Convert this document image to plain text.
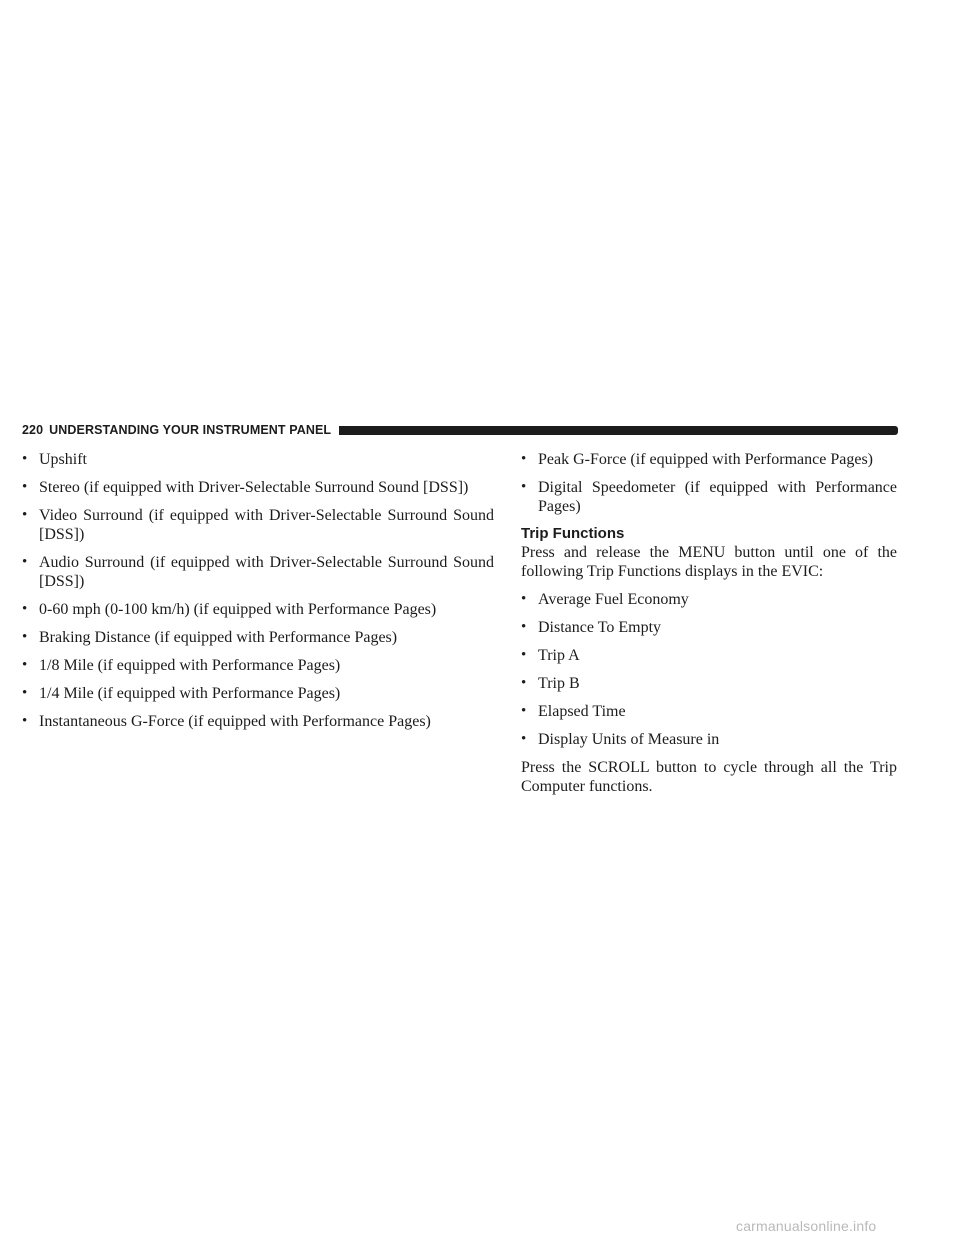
220 UNDERSTANDING YOUR INSTRUMENT PANEL
• Upshift
• Stereo (if equipped with Driver-Selectable Surround Sound [DSS])
• Video Surround (if equipped with Driver-Selectable Surround Sound [DSS])
• Audio Surround (if equipped with Driver-Selectable Surround Sound [DSS])
• 0-60 mph (0-100 km/h) (if equipped with Performance Pages)
• Braking Distance (if equipped with Performance Pages)
• 1/8 Mile (if equipped with Performance Pages)
• 1/4 Mile (if equipped with Performance Pages)
• Instantaneous G-Force (if equipped with Performance Pages)
• Peak G-Force (if equipped with Performance Pages)
• Digital Speedometer (if equipped with Performance Pages)
Trip Functions

Press and release the MENU button until one of the following Trip Functions displays in the EVIC:

• Average Fuel Economy
• Distance To Empty
• Trip A
• Trip B
• Elapsed Time
• Display Units of Measure in

Press the SCROLL button to cycle through all the Trip Computer functions.

carmanualsonline.info
